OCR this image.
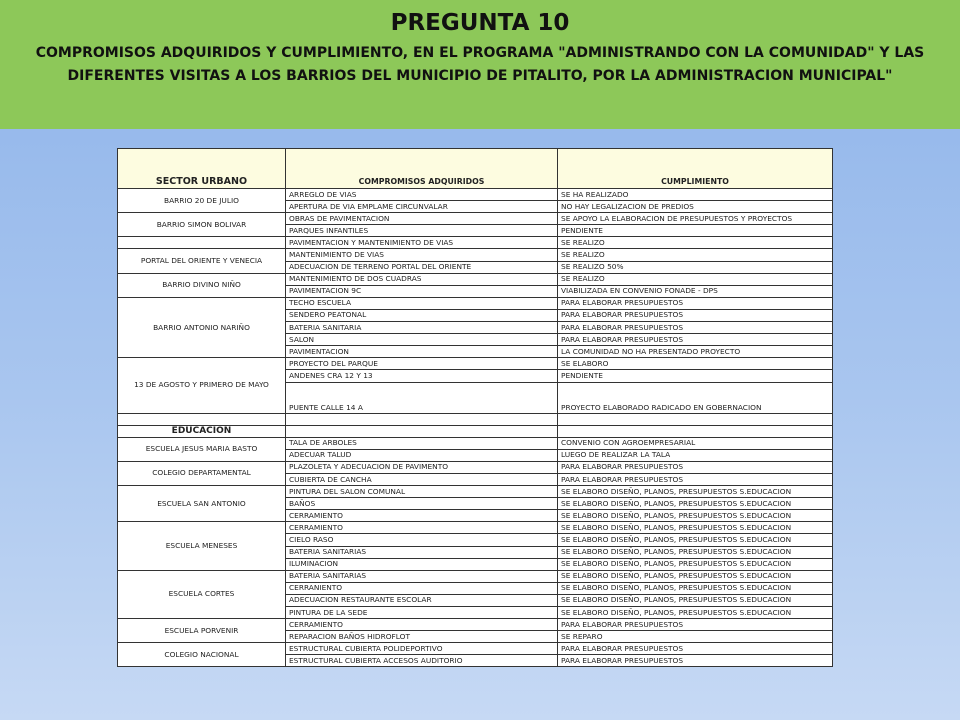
PREGUNTA 10
COMPROMISOS ADQUIRIDOS Y CUMPLIMIENTO, EN EL PROGRAMA "ADMINISTRANDO CON LA COMUNIDAD" Y LAS DIFERENTES VISITAS A LOS BARRIOS DEL MUNICIPIO DE PITALITO, POR LA ADMINISTRACION MUNICIPAL"
SECTOR URBANO	COMPROMISOS ADQUIRIDOS	CUMPLIMIENTO
BARRIO 20 DE JULIO	ARREGLO DE VIAS	SE HA REALIZADO
	APERTURA DE VIA EMPLAME CIRCUNVALAR	NO HAY LEGALIZACION DE PREDIOS
BARRIO SIMON BOLIVAR	OBRAS DE PAVIMENTACION	SE APOYO LA ELABORACION DE PRESUPUESTOS Y PROYECTOS
	PARQUES INFANTILES	PENDIENTE
	PAVIMENTACION Y MANTENIMIENTO DE VIAS	SE REALIZO
PORTAL DEL ORIENTE Y VENECIA	MANTENIMIENTO DE VIAS	SE REALIZO
	ADECUACION DE TERRENO PORTAL DEL ORIENTE	SE REALIZO 50%
BARRIO DIVINO NIÑO	MANTENIMIENTO DE DOS CUADRAS	SE REALIZO
	PAVIMENTACION 9C	VIABILIZADA EN CONVENIO FONADE - DPS
BARRIO ANTONIO NARIÑO	TECHO ESCUELA	PARA ELABORAR PRESUPUESTOS
	SENDERO PEATONAL	PARA ELABORAR PRESUPUESTOS
	BATERIA SANITARIA	PARA ELABORAR PRESUPUESTOS
	SALON	PARA ELABORAR PRESUPUESTOS
	PAVIMENTACION	LA COMUNIDAD NO HA PRESENTADO PROYECTO
13 DE AGOSTO Y PRIMERO DE MAYO	PROYECTO DEL PARQUE	SE ELABORO
	ANDENES CRA 12 Y 13	PENDIENTE
	PUENTE CALLE 14 A	PROYECTO ELABORADO RADICADO EN GOBERNACION

EDUCACION		
ESCUELA JESUS MARIA BASTO	TALA DE ARBOLES	CONVENIO CON AGROEMPRESARIAL
	ADECUAR TALUD	LUEGO DE REALIZAR LA TALA
COLEGIO DEPARTAMENTAL	PLAZOLETA Y ADECUACION DE PAVIMENTO	PARA ELABORAR PRESUPUESTOS
	CUBIERTA DE CANCHA	PARA ELABORAR PRESUPUESTOS
ESCUELA SAN ANTONIO	PINTURA DEL SALON COMUNAL	SE ELABORO DISEÑO, PLANOS, PRESUPUESTOS S.EDUCACION
	BAÑOS	SE ELABORO DISEÑO, PLANOS, PRESUPUESTOS S.EDUCACION
	CERRAMIENTO	SE ELABORO DISEÑO, PLANOS, PRESUPUESTOS S.EDUCACION
ESCUELA MENESES	CERRAMIENTO	SE ELABORO DISEÑO, PLANOS, PRESUPUESTOS S.EDUCACION
	CIELO RASO	SE ELABORO DISEÑO, PLANOS, PRESUPUESTOS S.EDUCACION
	BATERIA SANITARIAS	SE ELABORO DISEÑO, PLANOS, PRESUPUESTOS S.EDUCACION
	ILUMINACION	SE ELABORO DISEÑO, PLANOS, PRESUPUESTOS S.EDUCACION
ESCUELA CORTES	BATERIA SANITARIAS	SE ELABORO DISEÑO, PLANOS, PRESUPUESTOS S.EDUCACION
	CERRANIENTO	SE ELABORO DISEÑO, PLANOS, PRESUPUESTOS S.EDUCACION
	ADECUACION RESTAURANTE ESCOLAR	SE ELABORO DISEÑO, PLANOS, PRESUPUESTOS S.EDUCACION
	PINTURA DE LA SEDE	SE ELABORO DISEÑO, PLANOS, PRESUPUESTOS S.EDUCACION
ESCUELA PORVENIR	CERRAMIENTO	PARA ELABORAR PRESUPUESTOS
	REPARACION BAÑOS HIDROFLOT	SE REPARO
COLEGIO NACIONAL	ESTRUCTURAL CUBIERTA POLIDEPORTIVO	PARA ELABORAR PRESUPUESTOS
	ESTRUCTURAL CUBIERTA ACCESOS AUDITORIO	PARA ELABORAR PRESUPUESTOS
